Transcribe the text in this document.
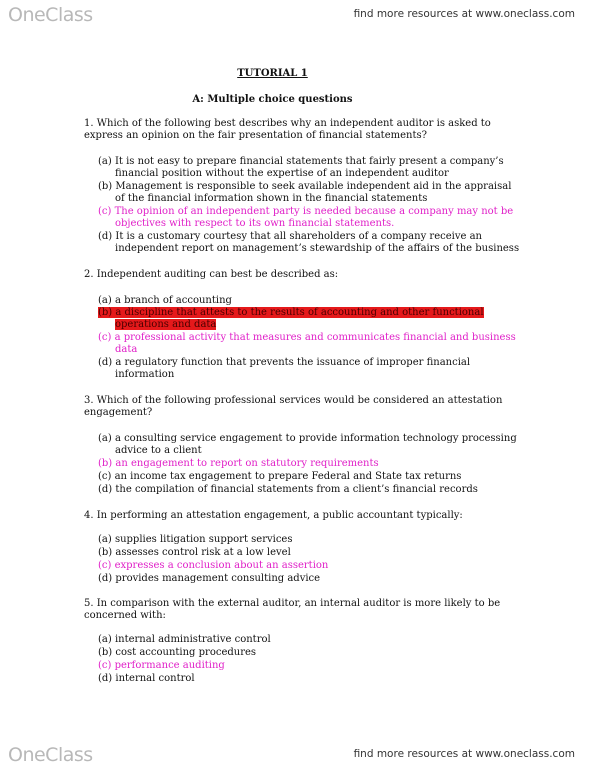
OneClass	find more resources at www.oneclass.com
TUTORIAL 1
A: Multiple choice questions
1. Which of the following best describes why an independent auditor is asked to
express an opinion on the fair presentation of financial statements?
(a) It is not easy to prepare financial statements that fairly present a company’s
financial position without the expertise of an independent auditor
(b) Management is responsible to seek available independent aid in the appraisal
of the financial information shown in the financial statements
(c) The opinion of an independent party is needed because a company may not be
objectives with respect to its own financial statements.
(d) It is a customary courtesy that all shareholders of a company receive an
independent report on management’s stewardship of the affairs of the business
2. Independent auditing can best be described as:
(a) a branch of accounting
(b) a discipline that attests to the results of accounting and other functional
operations and data
(c) a professional activity that measures and communicates financial and business
data
(d) a regulatory function that prevents the issuance of improper financial
information
3. Which of the following professional services would be considered an attestation
engagement?
(a) a consulting service engagement to provide information technology processing
advice to a client
(b) an engagement to report on statutory requirements
(c) an income tax engagement to prepare Federal and State tax returns
(d) the compilation of financial statements from a client’s financial records
4. In performing an attestation engagement, a public accountant typically:
(a) supplies litigation support services
(b) assesses control risk at a low level
(c) expresses a conclusion about an assertion
(d) provides management consulting advice
5. In comparison with the external auditor, an internal auditor is more likely to be
concerned with:
(a) internal administrative control
(b) cost accounting procedures
(c) performance auditing
(d) internal control
OneClass	find more resources at www.oneclass.com
